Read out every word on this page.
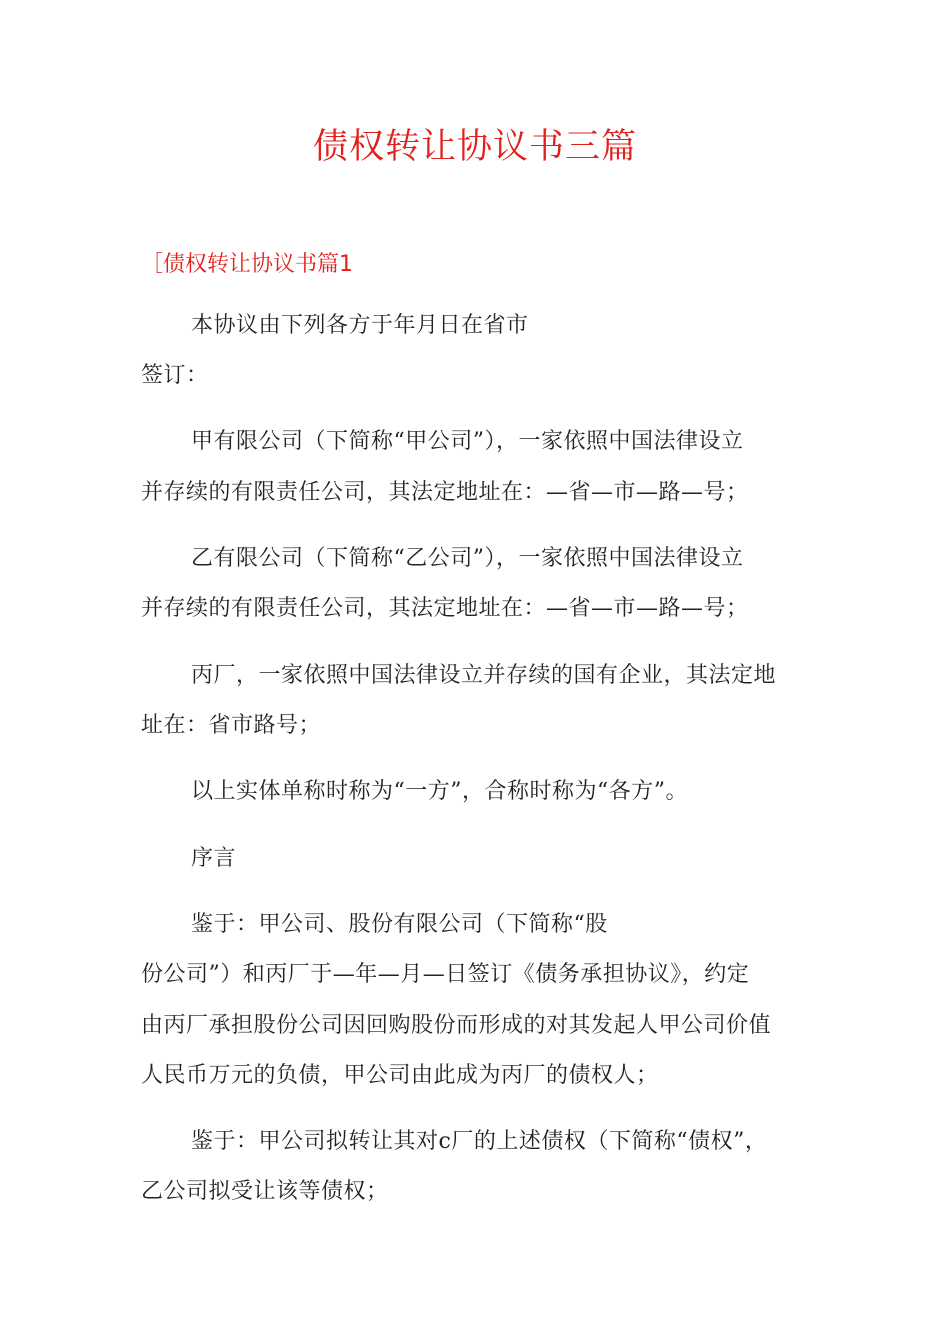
债权转让协议书三篇
［债权转让协议书篇1
本协议由下列各方于年月日在省市
签订：
甲有限公司（下简称“甲公司”），一家依照中国法律设立
并存续的有限责任公司，其法定地址在：—省—市—路—号；
乙有限公司（下简称“乙公司”），一家依照中国法律设立
并存续的有限责任公司，其法定地址在：—省—市—路—号；
丙厂，一家依照中国法律设立并存续的国有企业，其法定地
址在：省市路号；
以上实体单称时称为“一方”，合称时称为“各方”。
序言
鉴于：甲公司、股份有限公司（下简称“股
份公司”）和丙厂于—年—月—日签订《债务承担协议》，约定
由丙厂承担股份公司因回购股份而形成的对其发起人甲公司价值
人民币万元的负债，甲公司由此成为丙厂的债权人；
鉴于：甲公司拟转让其对c厂的上述债权（下简称“债权”，
乙公司拟受让该等债权；
